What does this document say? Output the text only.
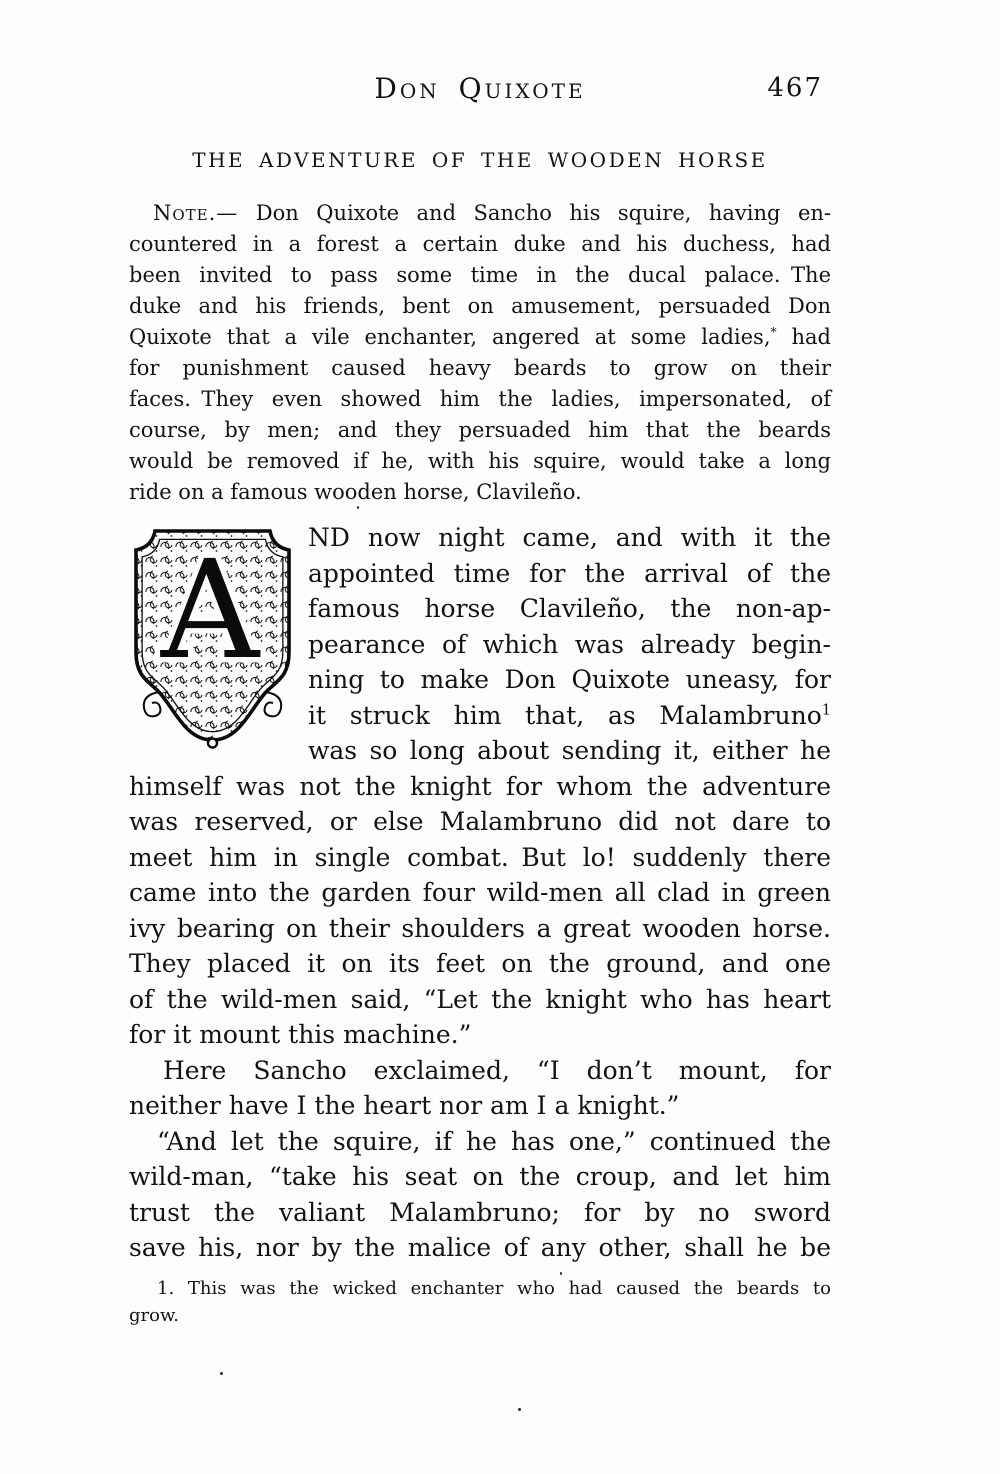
Don Quixote	467
THE ADVENTURE OF THE WOODEN HORSE
Note.— Don Quixote and Sancho his squire, having en-
countered in a forest a certain duke and his duchess, had
been invited to pass some time in the ducal palace. The
duke and his friends, bent on amusement, persuaded Don
Quixote that a vile enchanter, angered at some ladies,* had
for punishment caused heavy beards to grow on their
faces. They even showed him the ladies, impersonated, of
course, by men; and they persuaded him that the beards
would be removed if he, with his squire, would take a long
ride on a famous wooden horse, Clavileño.
A	ND now night came, and with it the
appointed time for the arrival of the
famous horse Clavileño, the non-ap-
pearance of which was already begin-
ning to make Don Quixote uneasy, for
it struck him that, as Malambruno$^1$
was so long about sending it, either he
himself was not the knight for whom the adventure
was reserved, or else Malambruno did not dare to
meet him in single combat. But lo! suddenly there
came into the garden four wild-men all clad in green
ivy bearing on their shoulders a great wooden horse.
They placed it on its feet on the ground, and one
of the wild-men said, “Let the knight who has heart
for it mount this machine.”
Here Sancho exclaimed, “I don’t mount, for
neither have I the heart nor am I a knight.”
“And let the squire, if he has one,” continued the
wild-man, “take his seat on the croup, and let him
trust the valiant Malambruno; for by no sword
save his, nor by the malice of any other, shall he be
1. This was the wicked enchanter who had caused the beards to
grow.
